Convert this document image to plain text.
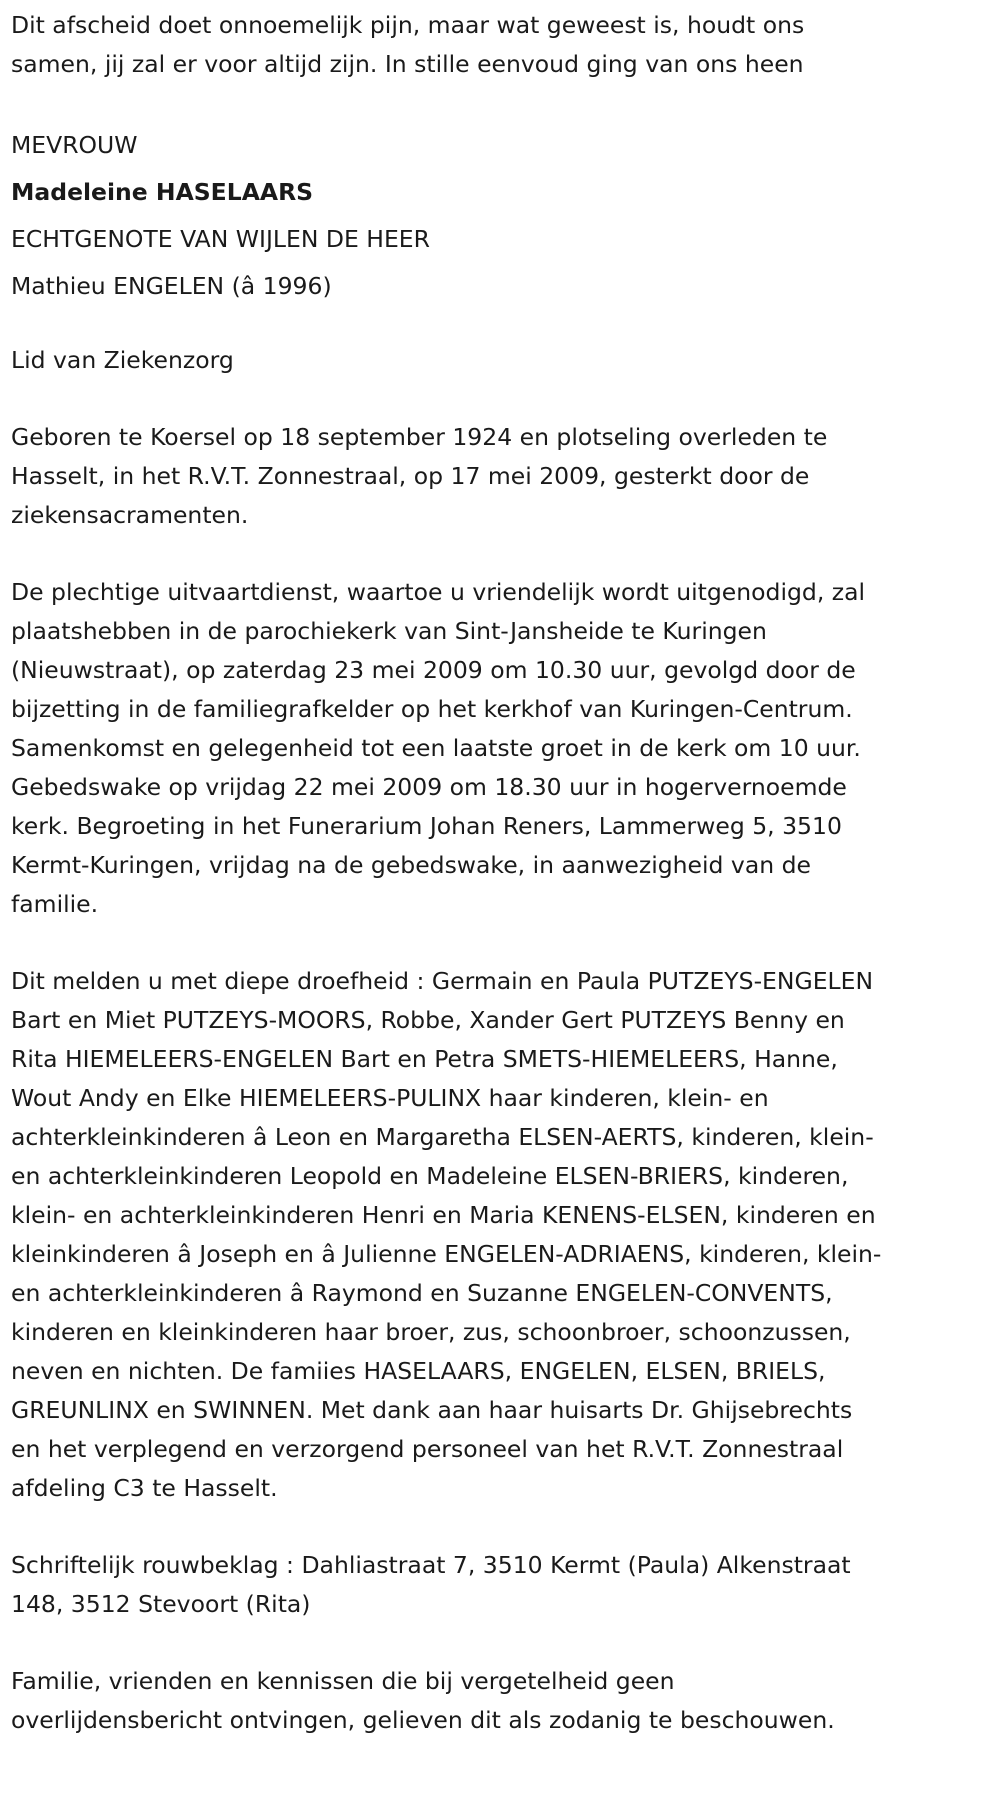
Dit afscheid doet onnoemelijk pijn, maar wat geweest is, houdt ons
samen, jij zal er voor altijd zijn. In stille eenvoud ging van ons heen

MEVROUW
Madeleine HASELAARS
ECHTGENOTE VAN WIJLEN DE HEER
Mathieu ENGELEN (â 1996)

Lid van Ziekenzorg

Geboren te Koersel op 18 september 1924 en plotseling overleden te
Hasselt, in het R.V.T. Zonnestraal, op 17 mei 2009, gesterkt door de
ziekensacramenten.

De plechtige uitvaartdienst, waartoe u vriendelijk wordt uitgenodigd, zal
plaatshebben in de parochiekerk van Sint-Jansheide te Kuringen
(Nieuwstraat), op zaterdag 23 mei 2009 om 10.30 uur, gevolgd door de
bijzetting in de familiegrafkelder op het kerkhof van Kuringen-Centrum.
Samenkomst en gelegenheid tot een laatste groet in de kerk om 10 uur.
Gebedswake op vrijdag 22 mei 2009 om 18.30 uur in hogervernoemde
kerk. Begroeting in het Funerarium Johan Reners, Lammerweg 5, 3510
Kermt-Kuringen, vrijdag na de gebedswake, in aanwezigheid van de
familie.

Dit melden u met diepe droefheid : Germain en Paula PUTZEYS-ENGELEN
Bart en Miet PUTZEYS-MOORS, Robbe, Xander Gert PUTZEYS Benny en
Rita HIEMELEERS-ENGELEN Bart en Petra SMETS-HIEMELEERS, Hanne,
Wout Andy en Elke HIEMELEERS-PULINX haar kinderen, klein- en
achterkleinkinderen â Leon en Margaretha ELSEN-AERTS, kinderen, klein-
en achterkleinkinderen Leopold en Madeleine ELSEN-BRIERS, kinderen,
klein- en achterkleinkinderen Henri en Maria KENENS-ELSEN, kinderen en
kleinkinderen â Joseph en â Julienne ENGELEN-ADRIAENS, kinderen, klein-
en achterkleinkinderen â Raymond en Suzanne ENGELEN-CONVENTS,
kinderen en kleinkinderen haar broer, zus, schoonbroer, schoonzussen,
neven en nichten. De famiies HASELAARS, ENGELEN, ELSEN, BRIELS,
GREUNLINX en SWINNEN. Met dank aan haar huisarts Dr. Ghijsebrechts
en het verplegend en verzorgend personeel van het R.V.T. Zonnestraal
afdeling C3 te Hasselt.

Schriftelijk rouwbeklag : Dahliastraat 7, 3510 Kermt (Paula) Alkenstraat
148, 3512 Stevoort (Rita)

Familie, vrienden en kennissen die bij vergetelheid geen
overlijdensbericht ontvingen, gelieven dit als zodanig te beschouwen.
